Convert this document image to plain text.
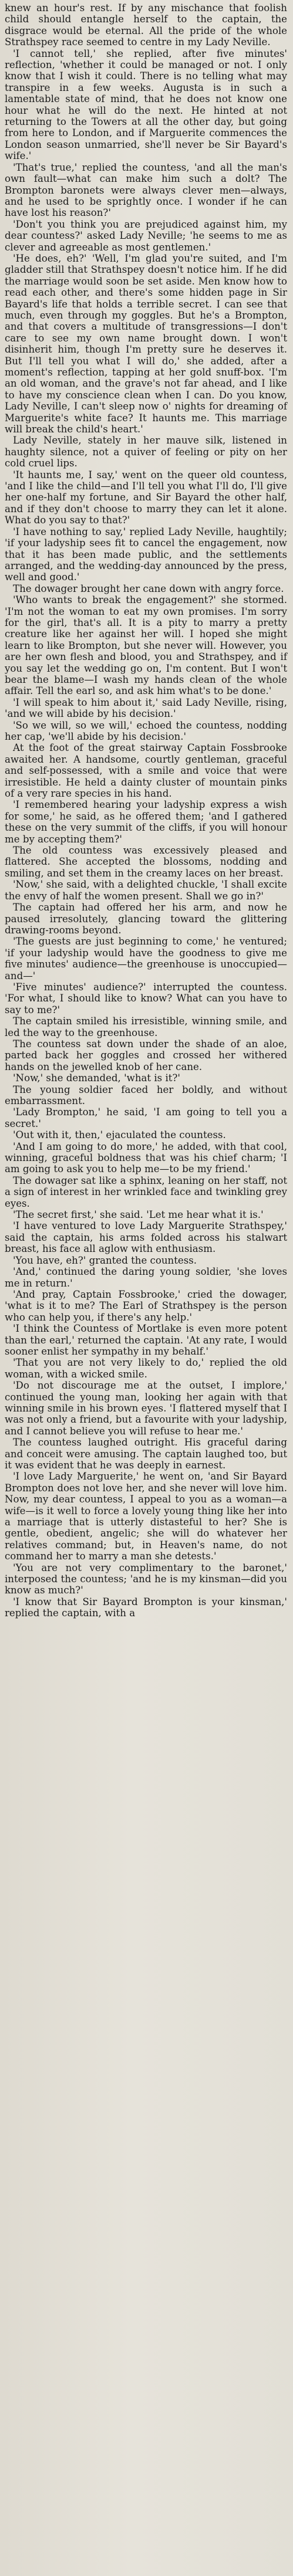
knew an hour's rest. If by any mischance that foolish child should entangle herself to the captain, the disgrace would be eternal. All the pride of the whole Strathspey race seemed to centre in my Lady Neville.

'I cannot tell,' she replied, after five minutes' reflection, 'whether it could be managed or not. I only know that I wish it could. There is no telling what may transpire in a few weeks. Augusta is in such a lamentable state of mind, that he does not know one hour what he will do the next. He hinted at not returning to the Towers at all the other day, but going from here to London, and if Marguerite commences the London season unmarried, she'll never be Sir Bayard's wife.'

'That's true,' replied the countess, 'and all the man's own fault—what can make him such a dolt? The Brompton baronets were always clever men—always, and he used to be sprightly once. I wonder if he can have lost his reason?'

'Don't you think you are prejudiced against him, my dear countess?' asked Lady Neville; 'he seems to me as clever and agreeable as most gentlemen.'

'He does, eh?' 'Well, I'm glad you're suited, and I'm gladder still that Strathspey doesn't notice him. If he did the marriage would soon be set aside. Men know how to read each other, and there's some hidden page in Sir Bayard's life that holds a terrible secret. I can see that much, even through my goggles. But he's a Brompton, and that covers a multitude of transgressions—I don't care to see my own name brought down. I won't disinherit him, though I'm pretty sure he deserves it. But I'll tell you what I will do,' she added, after a moment's reflection, tapping at her gold snuff-box. 'I'm an old woman, and the grave's not far ahead, and I like to have my conscience clean when I can. Do you know, Lady Neville, I can't sleep now o' nights for dreaming of Marguerite's white face? It haunts me. This marriage will break the child's heart.'

Lady Neville, stately in her mauve silk, listened in haughty silence, not a quiver of feeling or pity on her cold cruel lips.

'It haunts me, I say,' went on the queer old countess, 'and I like the child—and I'll tell you what I'll do, I'll give her one-half my fortune, and Sir Bayard the other half, and if they don't choose to marry they can let it alone. What do you say to that?'

'I have nothing to say,' replied Lady Neville, haughtily; 'if your ladyship sees fit to cancel the engagement, now that it has been made public, and the settlements arranged, and the wedding-day announced by the press, well and good.'

The dowager brought her cane down with angry force.

'Who wants to break the engagement?' she stormed. 'I'm not the woman to eat my own promises. I'm sorry for the girl, that's all. It is a pity to marry a pretty creature like her against her will. I hoped she might learn to like Brompton, but she never will. However, you are her own flesh and blood, you and Strathspey, and if you say let the wedding go on, I'm content. But I won't bear the blame—I wash my hands clean of the whole affair. Tell the earl so, and ask him what's to be done.'

'I will speak to him about it,' said Lady Neville, rising, 'and we will abide by his decision.'

'So we will, so we will,' echoed the countess, nodding her cap, 'we'll abide by his decision.'

At the foot of the great stairway Captain Fossbrooke awaited her. A handsome, courtly gentleman, graceful and self-possessed, with a smile and voice that were irresistible. He held a dainty cluster of mountain pinks of a very rare species in his hand.

'I remembered hearing your ladyship express a wish for some,' he said, as he offered them; 'and I gathered these on the very summit of the cliffs, if you will honour me by accepting them?'

The old countess was excessively pleased and flattered. She accepted the blossoms, nodding and smiling, and set them in the creamy laces on her breast.

'Now,' she said, with a delighted chuckle, 'I shall excite the envy of half the women present. Shall we go in?'

The captain had offered her his arm, and now he paused irresolutely, glancing toward the glittering drawing-rooms beyond.

'The guests are just beginning to come,' he ventured; 'if your ladyship would have the goodness to give me five minutes' audience—the greenhouse is unoccupied—and—'

'Five minutes' audience?' interrupted the countess. 'For what, I should like to know? What can you have to say to me?'

The captain smiled his irresistible, winning smile, and led the way to the greenhouse.

The countess sat down under the shade of an aloe, parted back her goggles and crossed her withered hands on the jewelled knob of her cane.

'Now,' she demanded, 'what is it?'

The young soldier faced her boldly, and without embarrassment.

'Lady Brompton,' he said, 'I am going to tell you a secret.'

'Out with it, then,' ejaculated the countess.

'And I am going to do more,' he added, with that cool, winning, graceful boldness that was his chief charm; 'I am going to ask you to help me—to be my friend.'

The dowager sat like a sphinx, leaning on her staff, not a sign of interest in her wrinkled face and twinkling grey eyes.

'The secret first,' she said. 'Let me hear what it is.'

'I have ventured to love Lady Marguerite Strathspey,' said the captain, his arms folded across his stalwart breast, his face all aglow with enthusiasm.

'You have, eh?' granted the countess.

'And,' continued the daring young soldier, 'she loves me in return.'

'And pray, Captain Fossbrooke,' cried the dowager, 'what is it to me? The Earl of Strathspey is the person who can help you, if there's any help.'

'I think the Countess of Mortlake is even more potent than the earl,' returned the captain. 'At any rate, I would sooner enlist her sympathy in my behalf.'

'That you are not very likely to do,' replied the old woman, with a wicked smile.

'Do not discourage me at the outset, I implore,' continued the young man, looking her again with that winning smile in his brown eyes. 'I flattered myself that I was not only a friend, but a favourite with your ladyship, and I cannot believe you will refuse to hear me.'

The countess laughed outright. His graceful daring and conceit were amusing. The captain laughed too, but it was evident that he was deeply in earnest.

'I love Lady Marguerite,' he went on, 'and Sir Bayard Brompton does not love her, and she never will love him. Now, my dear countess, I appeal to you as a woman—a wife—is it well to force a lovely young thing like her into a marriage that is utterly distasteful to her? She is gentle, obedient, angelic; she will do whatever her relatives command; but, in Heaven's name, do not command her to marry a man she detests.'

'You are not very complimentary to the baronet,' interposed the countess; 'and he is my kinsman—did you know as much?'

'I know that Sir Bayard Brompton is your kinsman,' replied the captain, with a
